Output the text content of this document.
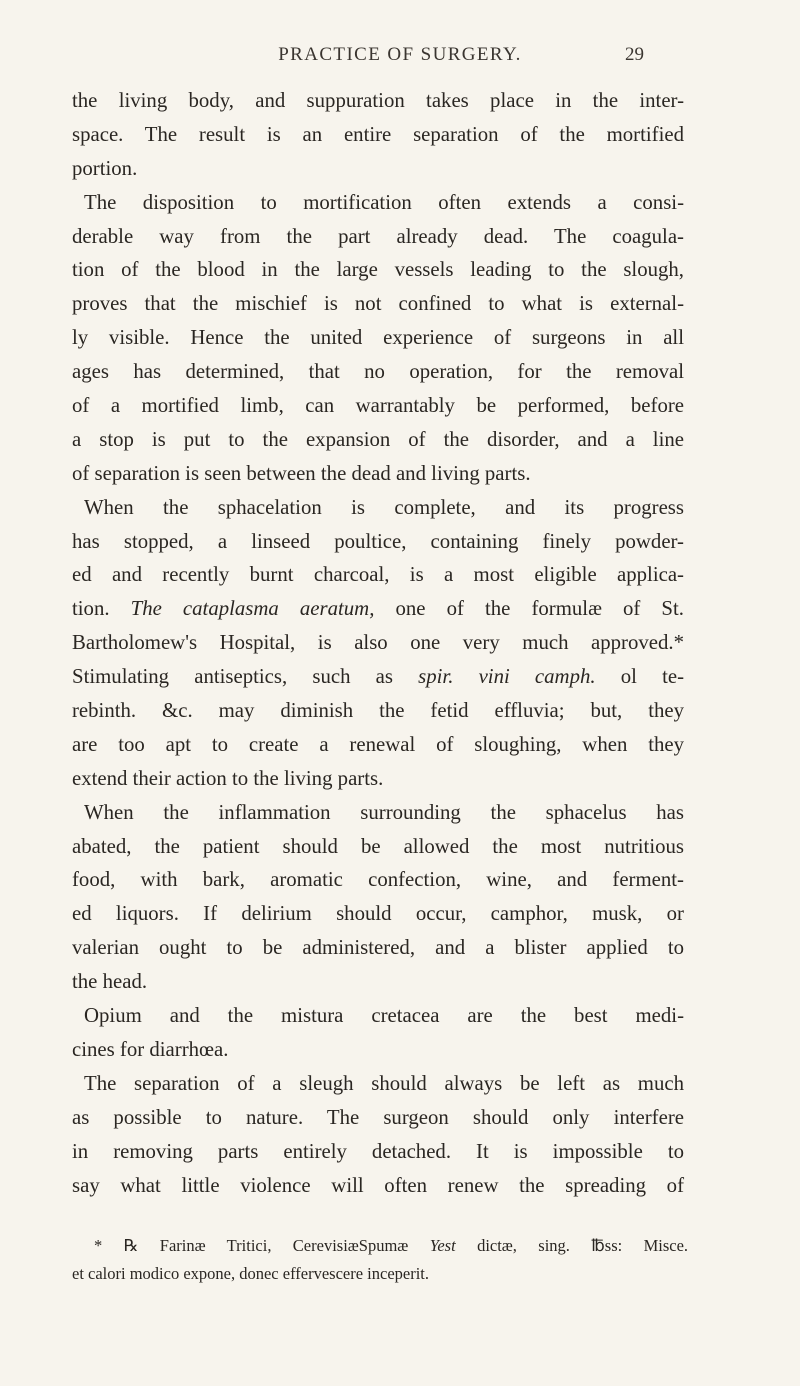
PRACTICE OF SURGERY.	29
the living body, and suppuration takes place in the inter-
space. The result is an entire separation of the mortified
portion.
The disposition to mortification often extends a consi-
derable way from the part already dead. The coagula-
tion of the blood in the large vessels leading to the slough,
proves that the mischief is not confined to what is external-
ly visible. Hence the united experience of surgeons in all
ages has determined, that no operation, for the removal
of a mortified limb, can warrantably be performed, before
a stop is put to the expansion of the disorder, and a line
of separation is seen between the dead and living parts.
When the sphacelation is complete, and its progress
has stopped, a linseed poultice, containing finely powder-
ed and recently burnt charcoal, is a most eligible applica-
tion. The cataplasma aeratum, one of the formulæ of St.
Bartholomew's Hospital, is also one very much approved.*
Stimulating antiseptics, such as spir. vini camph. ol te-
rebinth. &c. may diminish the fetid effluvia; but, they
are too apt to create a renewal of sloughing, when they
extend their action to the living parts.
When the inflammation surrounding the sphacelus has
abated, the patient should be allowed the most nutritious
food, with bark, aromatic confection, wine, and ferment-
ed liquors. If delirium should occur, camphor, musk, or
valerian ought to be administered, and a blister applied to
the head.
Opium and the mistura cretacea are the best medi-
cines for diarrhœa.
The separation of a sleugh should always be left as much
as possible to nature. The surgeon should only interfere
in removing parts entirely detached. It is impossible to
say what little violence will often renew the spreading of
* ℞ Farinæ Tritici, CerevisiæSpumæ Yest dictæ, sing. ℔ss: Misce.
et calori modico expone, donec effervescere inceperit.
